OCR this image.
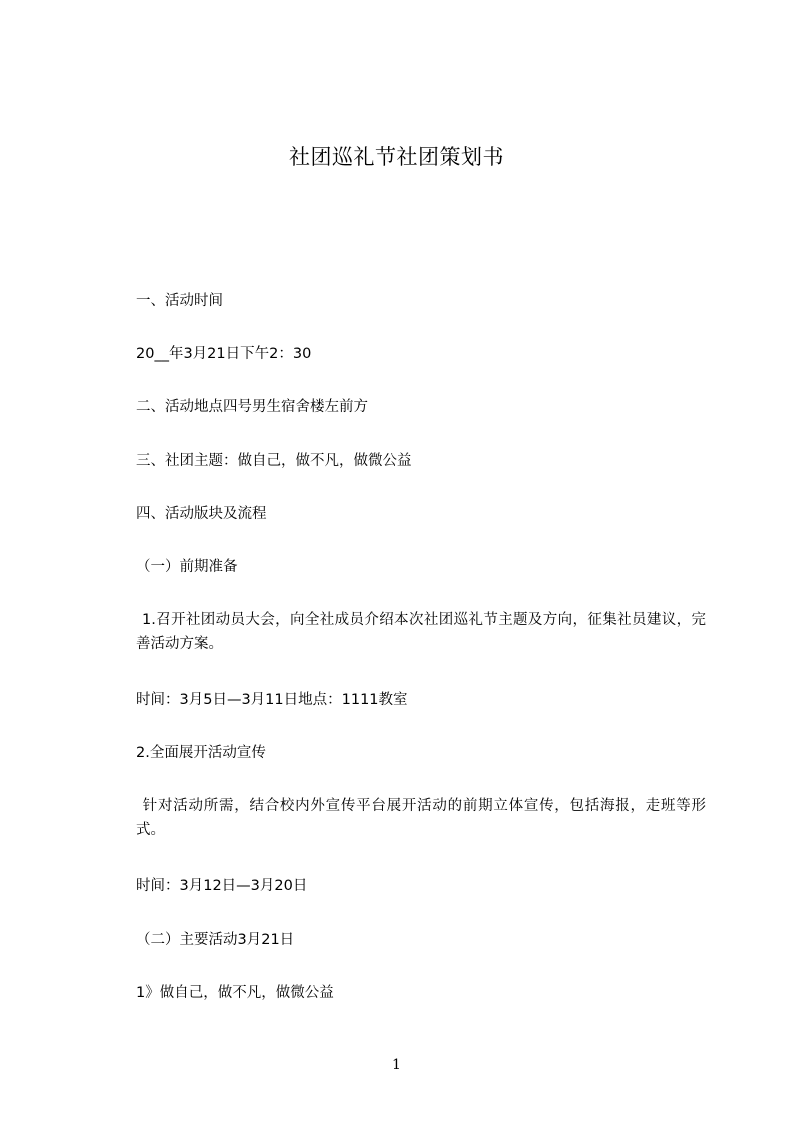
社团巡礼节社团策划书

一、活动时间

20__年3月21日下午2：30

二、活动地点四号男生宿舍楼左前方

三、社团主题：做自己，做不凡，做微公益

四、活动版块及流程

（一）前期准备

1.召开社团动员大会，向全社成员介绍本次社团巡礼节主题及方向，征集社员建议，完善活动方案。

时间：3月5日—3月11日地点：1111教室

2.全面展开活动宣传

针对活动所需，结合校内外宣传平台展开活动的前期立体宣传，包括海报，走班等形式。

时间：3月12日—3月20日

（二）主要活动3月21日

1》做自己，做不凡，做微公益

1
